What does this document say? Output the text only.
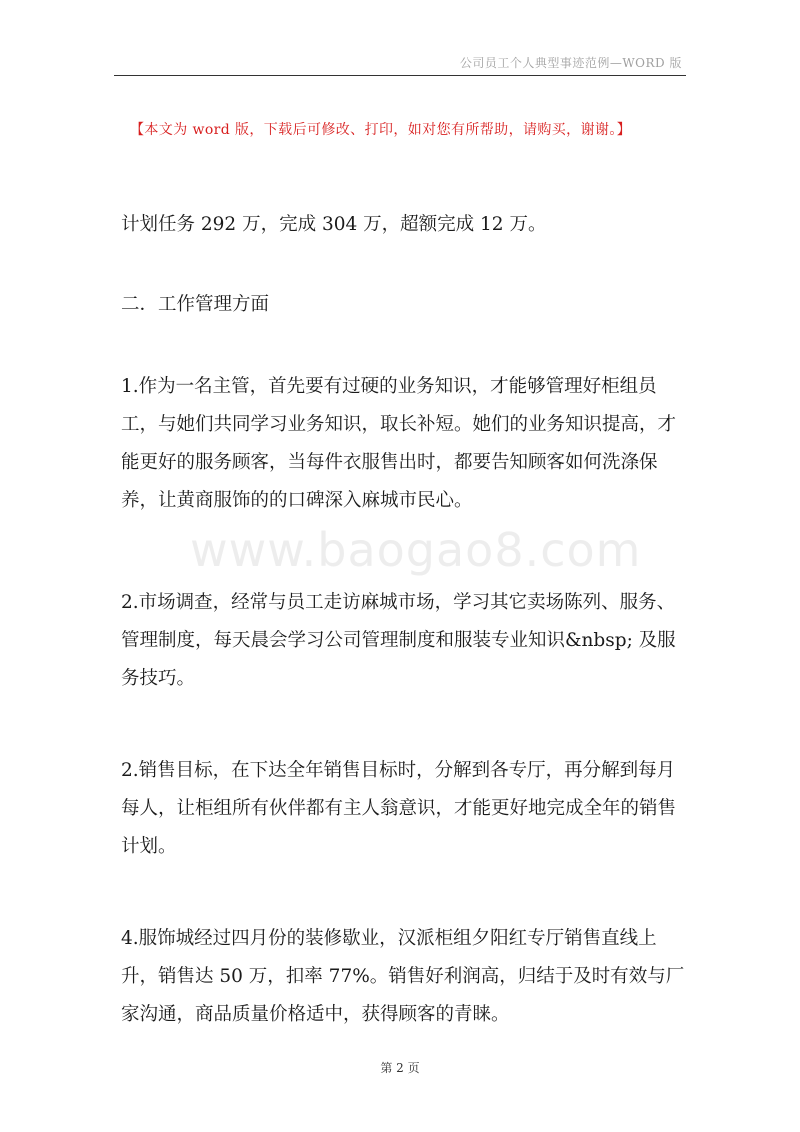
公司员工个人典型事迹范例—WORD 版
【本文为 word 版，下载后可修改、打印，如对您有所帮助，请购买，谢谢。】
计划任务 292 万，完成 304 万，超额完成 12 万。
二．工作管理方面
1.作为一名主管，首先要有过硬的业务知识，才能够管理好柜组员工，与她们共同学习业务知识，取长补短。她们的业务知识提高，才能更好的服务顾客，当每件衣服售出时，都要告知顾客如何洗涤保养，让黄商服饰的的口碑深入麻城市民心。
2.市场调查，经常与员工走访麻城市场，学习其它卖场陈列、服务、管理制度，每天晨会学习公司管理制度和服装专业知识&nbsp; 及服务技巧。
2.销售目标，在下达全年销售目标时，分解到各专厅，再分解到每月每人，让柜组所有伙伴都有主人翁意识，才能更好地完成全年的销售计划。
4.服饰城经过四月份的装修歇业，汉派柜组夕阳红专厅销售直线上升，销售达 50 万，扣率 77%。销售好利润高，归结于及时有效与厂家沟通，商品质量价格适中，获得顾客的青睐。
www.baogao8.com
第 2 页
